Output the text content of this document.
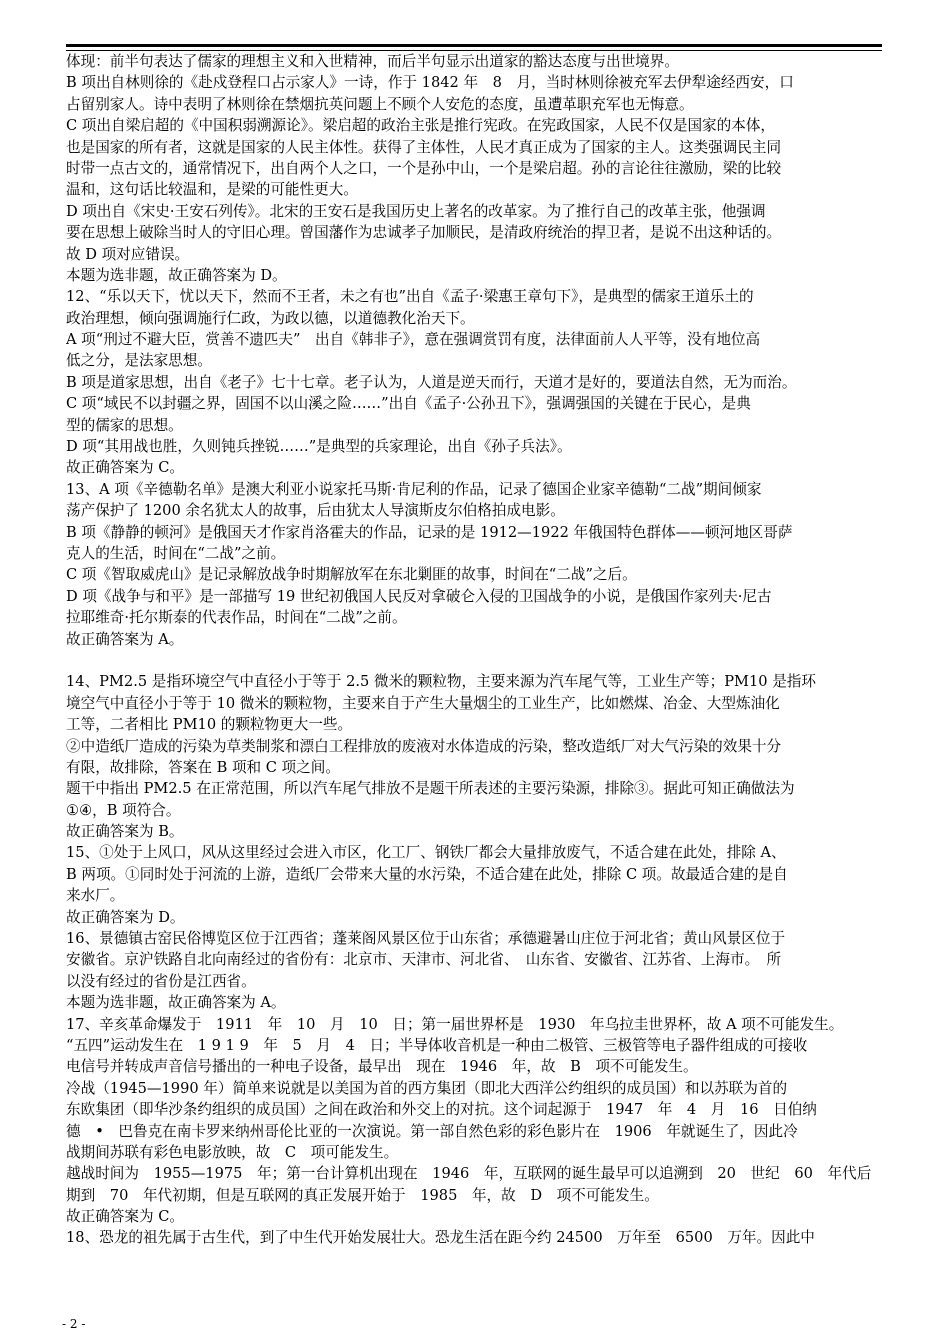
体现：前半句表达了儒家的理想主义和入世精神，而后半句显示出道家的豁达态度与出世境界。
B 项出自林则徐的《赴戍登程口占示家人》一诗，作于 1842 年　8　月，当时林则徐被充军去伊犁途经西安，口
占留别家人。诗中表明了林则徐在禁烟抗英问题上不顾个人安危的态度，虽遭革职充军也无悔意。
C 项出自梁启超的《中国积弱溯源论》。梁启超的政治主张是推行宪政。在宪政国家，人民不仅是国家的本体，
也是国家的所有者，这就是国家的人民主体性。获得了主体性，人民才真正成为了国家的主人。这类强调民主同
时带一点古文的，通常情况下，出自两个人之口，一个是孙中山，一个是梁启超。孙的言论往往激励，梁的比较
温和，这句话比较温和，是梁的可能性更大。
D 项出自《宋史·王安石列传》。北宋的王安石是我国历史上著名的改革家。为了推行自己的改革主张，他强调
要在思想上破除当时人的守旧心理。曾国藩作为忠诚孝子加顺民，是清政府统治的捍卫者，是说不出这种话的。
故 D 项对应错误。
本题为选非题，故正确答案为 D。
12、“乐以天下，忧以天下，然而不王者，未之有也”出自《孟子·梁惠王章句下》，是典型的儒家王道乐土的
政治理想，倾向强调施行仁政，为政以德，以道德教化治天下。
A 项“刑过不避大臣，赏善不遗匹夫”　出自《韩非子》，意在强调赏罚有度，法律面前人人平等，没有地位高
低之分，是法家思想。
B 项是道家思想，出自《老子》七十七章。老子认为，人道是逆天而行，天道才是好的，要道法自然，无为而治。
C 项“域民不以封疆之界，固国不以山溪之险……”出自《孟子·公孙丑下》，强调强国的关键在于民心，是典
型的儒家的思想。
D 项“其用战也胜，久则钝兵挫锐……”是典型的兵家理论，出自《孙子兵法》。
故正确答案为 C。
13、A 项《辛德勒名单》是澳大利亚小说家托马斯·肯尼利的作品，记录了德国企业家辛德勒“二战”期间倾家
荡产保护了 1200 余名犹太人的故事，后由犹太人导演斯皮尔伯格拍成电影。
B 项《静静的顿河》是俄国天才作家肖洛霍夫的作品，记录的是 1912—1922 年俄国特色群体——顿河地区哥萨
克人的生活，时间在“二战”之前。
C 项《智取威虎山》是记录解放战争时期解放军在东北剿匪的故事，时间在“二战”之后。
D 项《战争与和平》是一部描写 19 世纪初俄国人民反对拿破仑入侵的卫国战争的小说，是俄国作家列夫·尼古
拉耶维奇·托尔斯泰的代表作品，时间在“二战”之前。
故正确答案为 A。
14、PM2.5 是指环境空气中直径小于等于 2.5 微米的颗粒物，主要来源为汽车尾气等，工业生产等；PM10 是指环
境空气中直径小于等于 10 微米的颗粒物，主要来自于产生大量烟尘的工业生产，比如燃煤、冶金、大型炼油化
工等，二者相比 PM10 的颗粒物更大一些。
②中造纸厂造成的污染为草类制浆和漂白工程排放的废液对水体造成的污染，整改造纸厂对大气污染的效果十分
有限，故排除，答案在 B 项和 C 项之间。
题干中指出 PM2.5 在正常范围，所以汽车尾气排放不是题干所表述的主要污染源，排除③。据此可知正确做法为
①④，B 项符合。
故正确答案为 B。
15、①处于上风口，风从这里经过会进入市区，化工厂、钢铁厂都会大量排放废气，不适合建在此处，排除 A、
B 两项。①同时处于河流的上游，造纸厂会带来大量的水污染，不适合建在此处，排除 C 项。故最适合建的是自
来水厂。
故正确答案为 D。
16、景德镇古窑民俗博览区位于江西省；蓬莱阁风景区位于山东省；承德避暑山庄位于河北省；黄山风景区位于
安徽省。京沪铁路自北向南经过的省份有：北京市、天津市、河北省、　山东省、安徽省、江苏省、上海市。　所
以没有经过的省份是江西省。
本题为选非题，故正确答案为 A。
17、辛亥革命爆发于　1911　年　10　月　10　日；第一届世界杯是　1930　年乌拉圭世界杯，故 A 项不可能发生。
“五四”运动发生在　1 9 1 9　年　5　月　4　日；半导体收音机是一种由二极管、三极管等电子器件组成的可接收
电信号并转成声音信号播出的一种电子设备，最早出　现在　1946　年，故　B　项不可能发生。
冷战（1945—1990 年）简单来说就是以美国为首的西方集团（即北大西洋公约组织的成员国）和以苏联为首的
东欧集团（即华沙条约组织的成员国）之间在政治和外交上的对抗。这个词起源于　1947　年　4　月　16　日伯纳
德　•　巴鲁克在南卡罗来纳州哥伦比亚的一次演说。第一部自然色彩的彩色影片在　1906　年就诞生了，因此冷
战期间苏联有彩色电影放映，故　C　项可能发生。
越战时间为　1955—1975　年；第一台计算机出现在　1946　年，互联网的诞生最早可以追溯到　20　世纪　60　年代后
期到　70　年代初期，但是互联网的真正发展开始于　1985　年，故　D　项不可能发生。
故正确答案为 C。
18、恐龙的祖先属于古生代，到了中生代开始发展壮大。恐龙生活在距今约 24500　万年至　6500　万年。因此中
- 2 -
